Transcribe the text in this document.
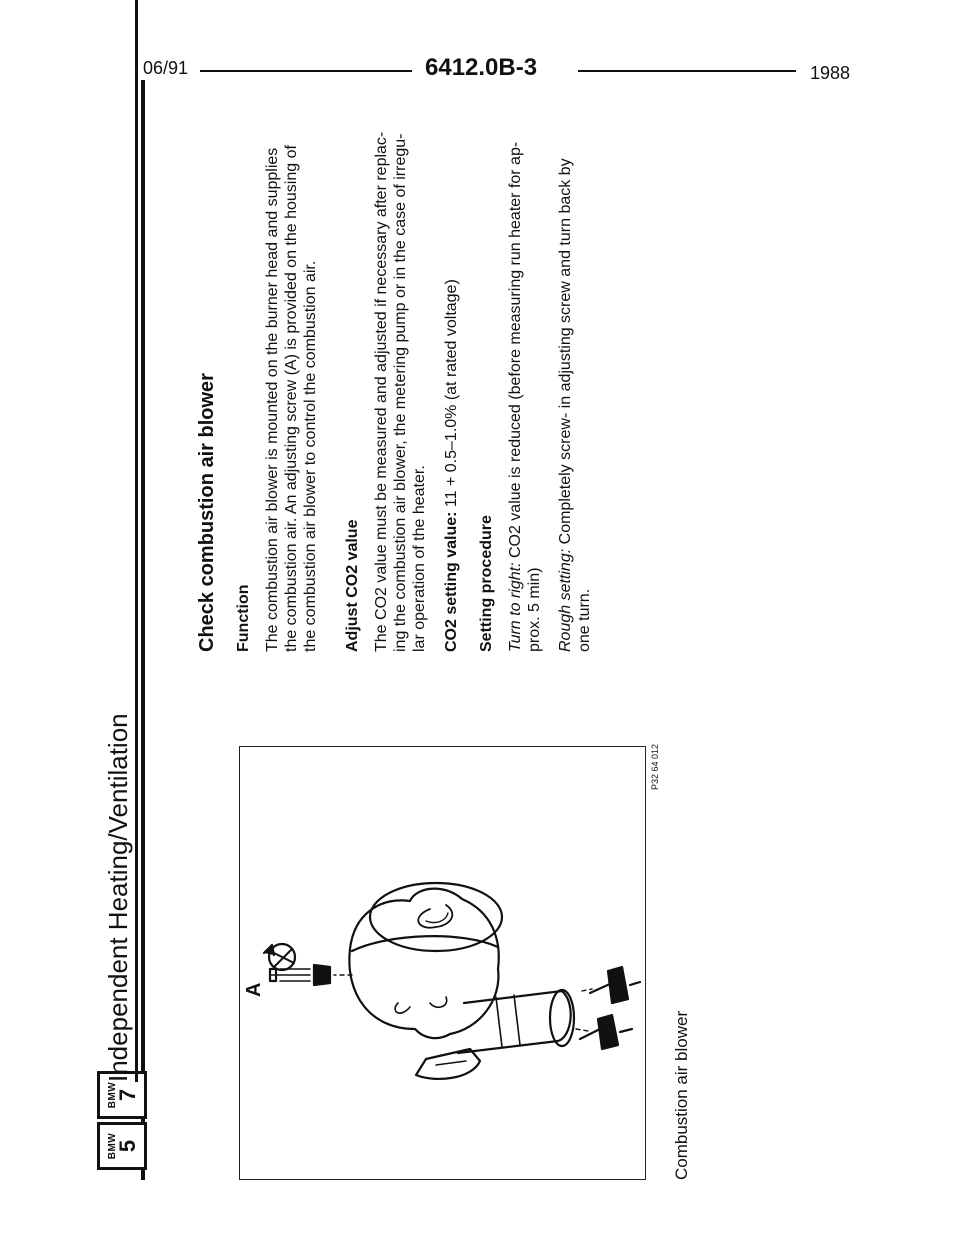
06/91	6412.0B-3	1988
BMW
5
BMW
7
Independent Heating/Ventilation	A
P32 64 012
Combustion air blower
Check combustion air blower Function The combustion air blower is mounted on the burner head and supplies the combustion air. An adjusting screw (A) is provided on the housing of the combustion air blower to control the combustion air. Adjust CO2 value The CO2 value must be measured and adjusted if necessary after replac- ing the combustion air blower, the metering pump or in the case of irregu- lar operation of the heater. CO2 setting value: 11 + 0.5–1.0% (at rated voltage)
Setting procedure Turn to right: CO2 value is reduced (before measuring run heater for ap-
prox. 5 min) Rough setting: Completely screw- in adjusting screw and turn back by
one turn.
